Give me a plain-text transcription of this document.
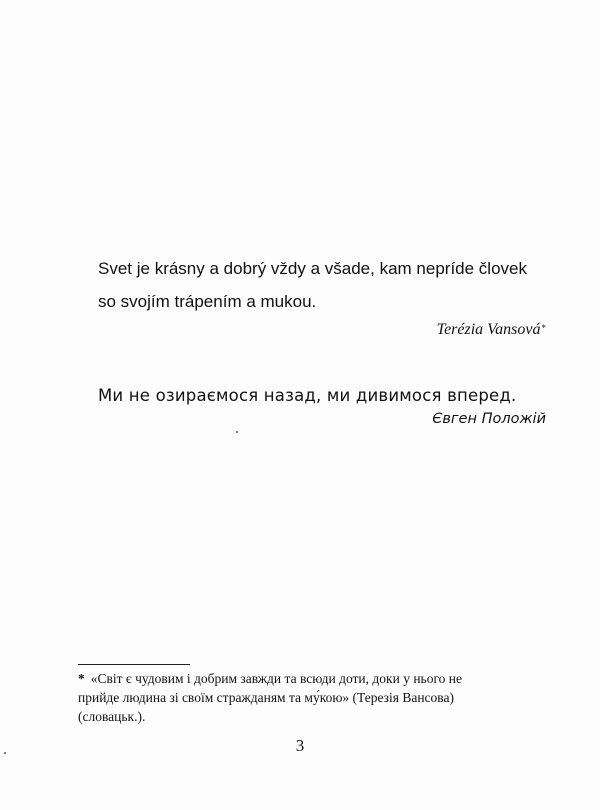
Svet je krásny a dobrý vždy a všade, kam nepríde človek
so svojím trápením a mukou.
Terézia Vansová*
Ми не озираємося назад, ми дивимося вперед.
Євген Положій
* «Світ є чудовим і добрим завжди та всюди доти, доки у нього не
прийде людина зі своїм стражданям та му́кою» (Терезія Вансова)
(словацьк.).
3
